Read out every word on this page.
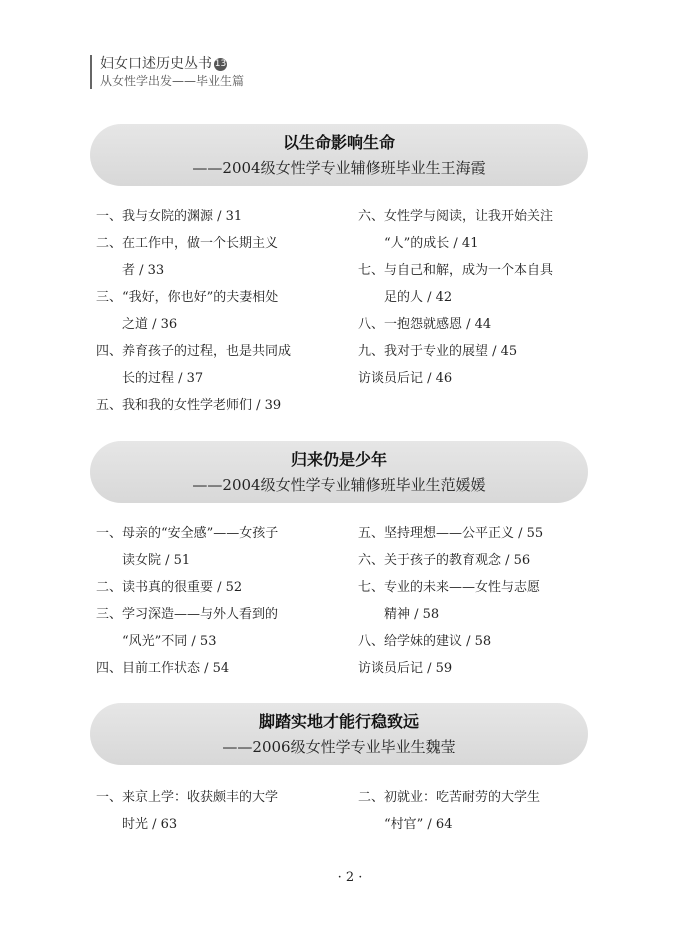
妇女口述历史丛书 13
从女性学出发——毕业生篇
以生命影响生命
——2004级女性学专业辅修班毕业生王海霞
一、我与女院的渊源 / 31
二、在工作中，做一个长期主义
者 / 33
三、“我好，你也好”的夫妻相处
之道 / 36
四、养育孩子的过程，也是共同成
长的过程 / 37
五、我和我的女性学老师们 / 39
六、女性学与阅读，让我开始关注
“人”的成长 / 41
七、与自己和解，成为一个本自具
足的人 / 42
八、一抱怨就感恩 / 44
九、我对于专业的展望 / 45
访谈员后记 / 46
归来仍是少年
——2004级女性学专业辅修班毕业生范媛媛
一、母亲的“安全感”——女孩子
读女院 / 51
二、读书真的很重要 / 52
三、学习深造——与外人看到的
“风光”不同 / 53
四、目前工作状态 / 54
五、坚持理想——公平正义 / 55
六、关于孩子的教育观念 / 56
七、专业的未来——女性与志愿
精神 / 58
八、给学妹的建议 / 58
访谈员后记 / 59
脚踏实地才能行稳致远
——2006级女性学专业毕业生魏莹
一、来京上学：收获颇丰的大学
时光 / 63
二、初就业：吃苦耐劳的大学生
“村官” / 64
· 2 ·
